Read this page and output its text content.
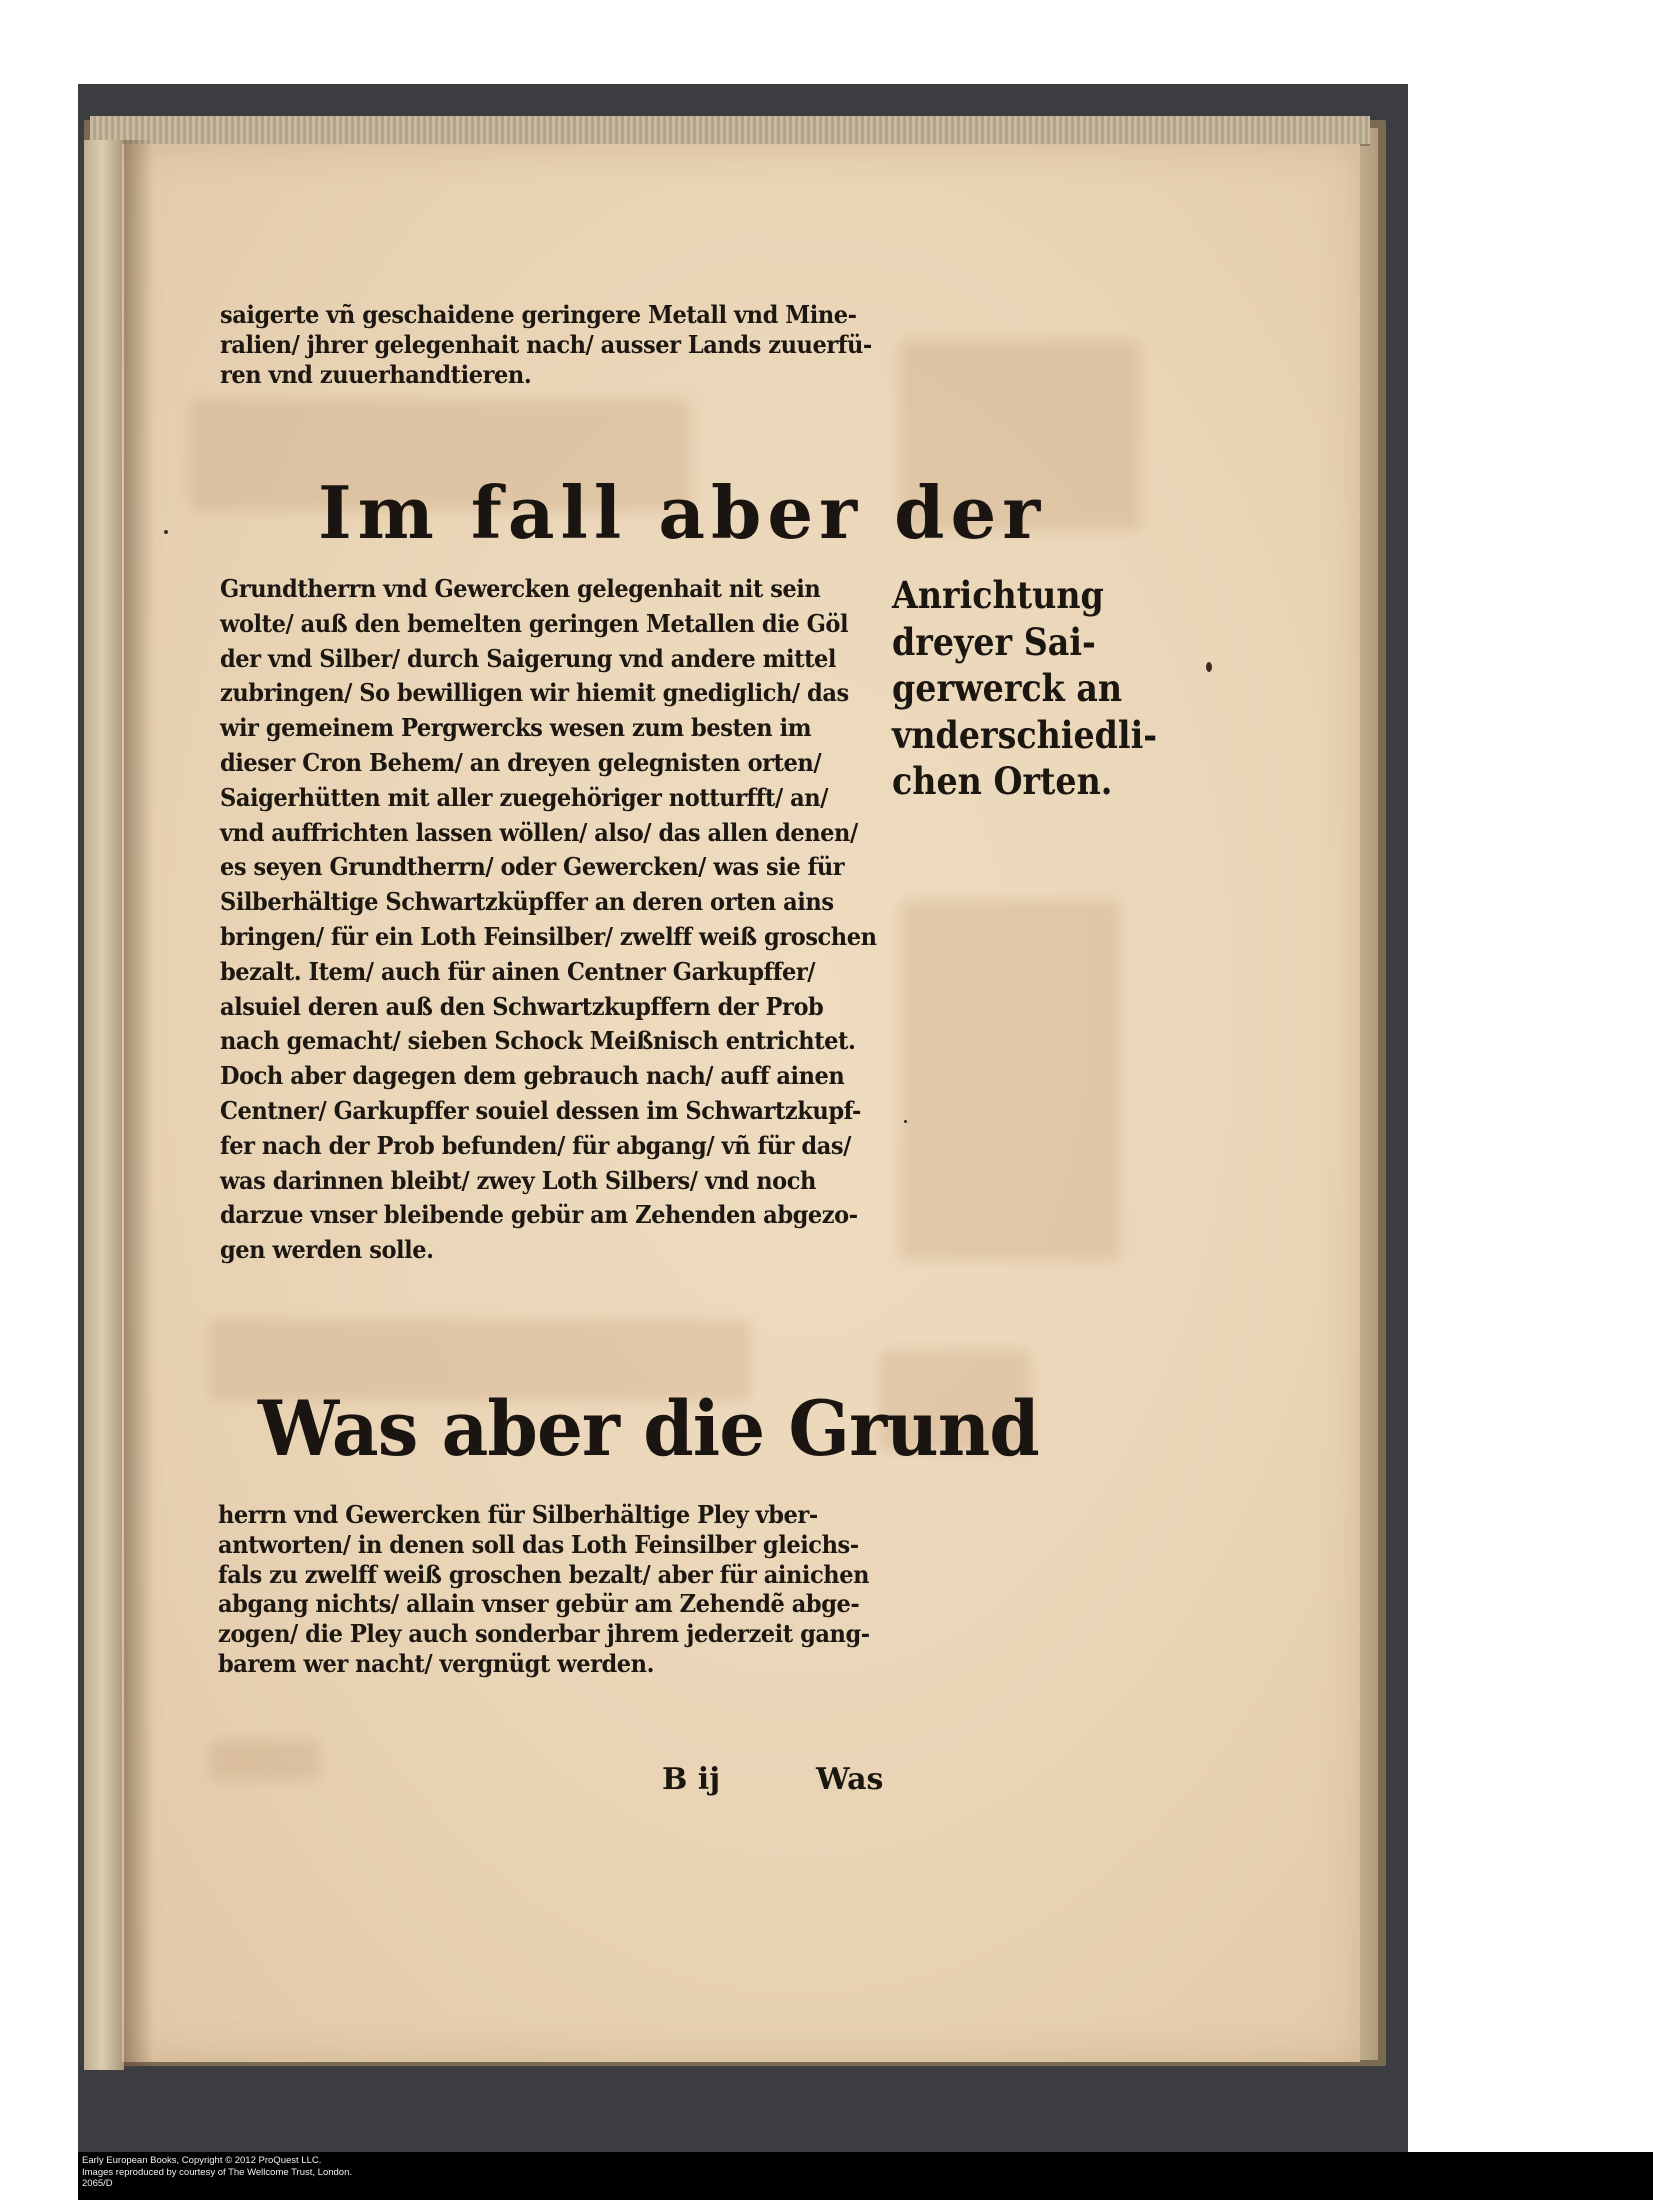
saigerte vñ geschaidene geringere Metall vnd Mine-
ralien/ jhrer gelegenhait nach/ ausser Lands zuuerfü-
ren vnd zuuerhandtieren.
Im fall aber der
Grundtherrn vnd Gewercken gelegenhait nit sein
wolte/ auß den bemelten geringen Metallen die Göl
der vnd Silber/ durch Saigerung vnd andere mittel
zubringen/ So bewilligen wir hiemit gnediglich/ das
wir gemeinem Pergwercks wesen zum besten im
dieser Cron Behem/ an dreyen gelegnisten orten/
Saigerhütten mit aller zuegehöriger notturfft/ an/
vnd auffrichten lassen wöllen/ also/ das allen denen/
es seyen Grundtherrn/ oder Gewercken/ was sie für
Silberhältige Schwartzküpffer an deren orten ains
bringen/ für ein Loth Feinsilber/ zwelff weiß groschen
bezalt. Item/ auch für ainen Centner Garkupffer/
alsuiel deren auß den Schwartzkupffern der Prob
nach gemacht/ sieben Schock Meißnisch entrichtet.
Doch aber dagegen dem gebrauch nach/ auff ainen
Centner/ Garkupffer souiel dessen im Schwartzkupf-
fer nach der Prob befunden/ für abgang/ vñ für das/
was darinnen bleibt/ zwey Loth Silbers/ vnd noch
darzue vnser bleibende gebür am Zehenden abgezo-
gen werden solle.
Anrichtung
dreyer Sai-
gerwerck an
vnderschiedli-
chen Orten.
Was aber die Grund
herrn vnd Gewercken für Silberhältige Pley vber-
antworten/ in denen soll das Loth Feinsilber gleichs-
fals zu zwelff weiß groschen bezalt/ aber für ainichen
abgang nichts/ allain vnser gebür am Zehendẽ abge-
zogen/ die Pley auch sonderbar jhrem jederzeit gang-
barem wer nacht/ vergnügt werden.
B ij	Was
Early European Books, Copyright © 2012 ProQuest LLC.
Images reproduced by courtesy of The Wellcome Trust, London.
2065/D
